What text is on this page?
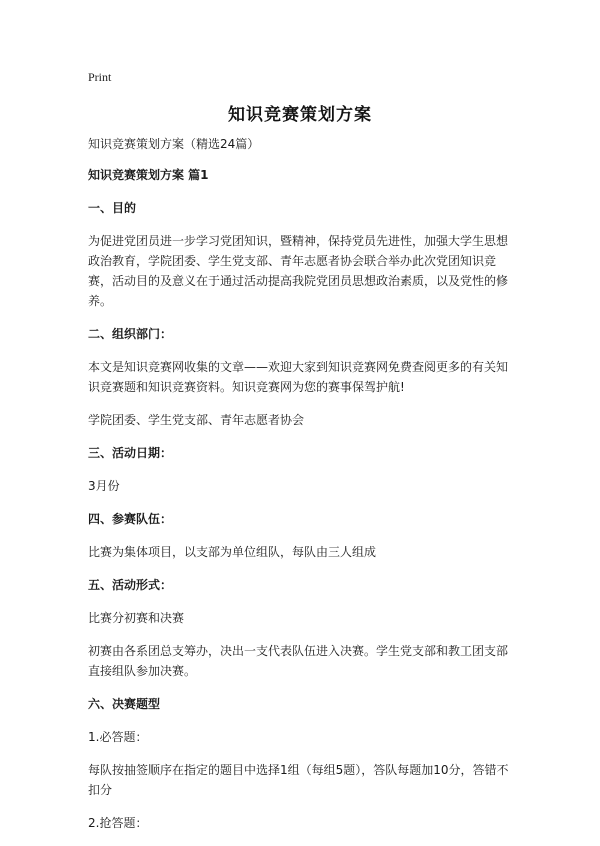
Print
知识竞赛策划方案

知识竞赛策划方案（精选24篇）

知识竞赛策划方案 篇1

一、目的

为促进党团员进一步学习党团知识，暨精神，保持党员先进性，加强大学生思想政治教育，学院团委、学生党支部、青年志愿者协会联合举办此次党团知识竞赛，活动目的及意义在于通过活动提高我院党团员思想政治素质，以及党性的修养。

二、组织部门：

本文是知识竞赛网收集的文章——欢迎大家到知识竞赛网免费查阅更多的有关知识竞赛题和知识竞赛资料。知识竞赛网为您的赛事保驾护航!

学院团委、学生党支部、青年志愿者协会

三、活动日期：

3月份

四、参赛队伍：

比赛为集体项目，以支部为单位组队，每队由三人组成

五、活动形式：

比赛分初赛和决赛

初赛由各系团总支筹办，决出一支代表队伍进入决赛。学生党支部和教工团支部直接组队参加决赛。

六、决赛题型

1.必答题：

每队按抽签顺序在指定的题目中选择1组（每组5题），答队每题加10分，答错不扣分

2.抢答题：
